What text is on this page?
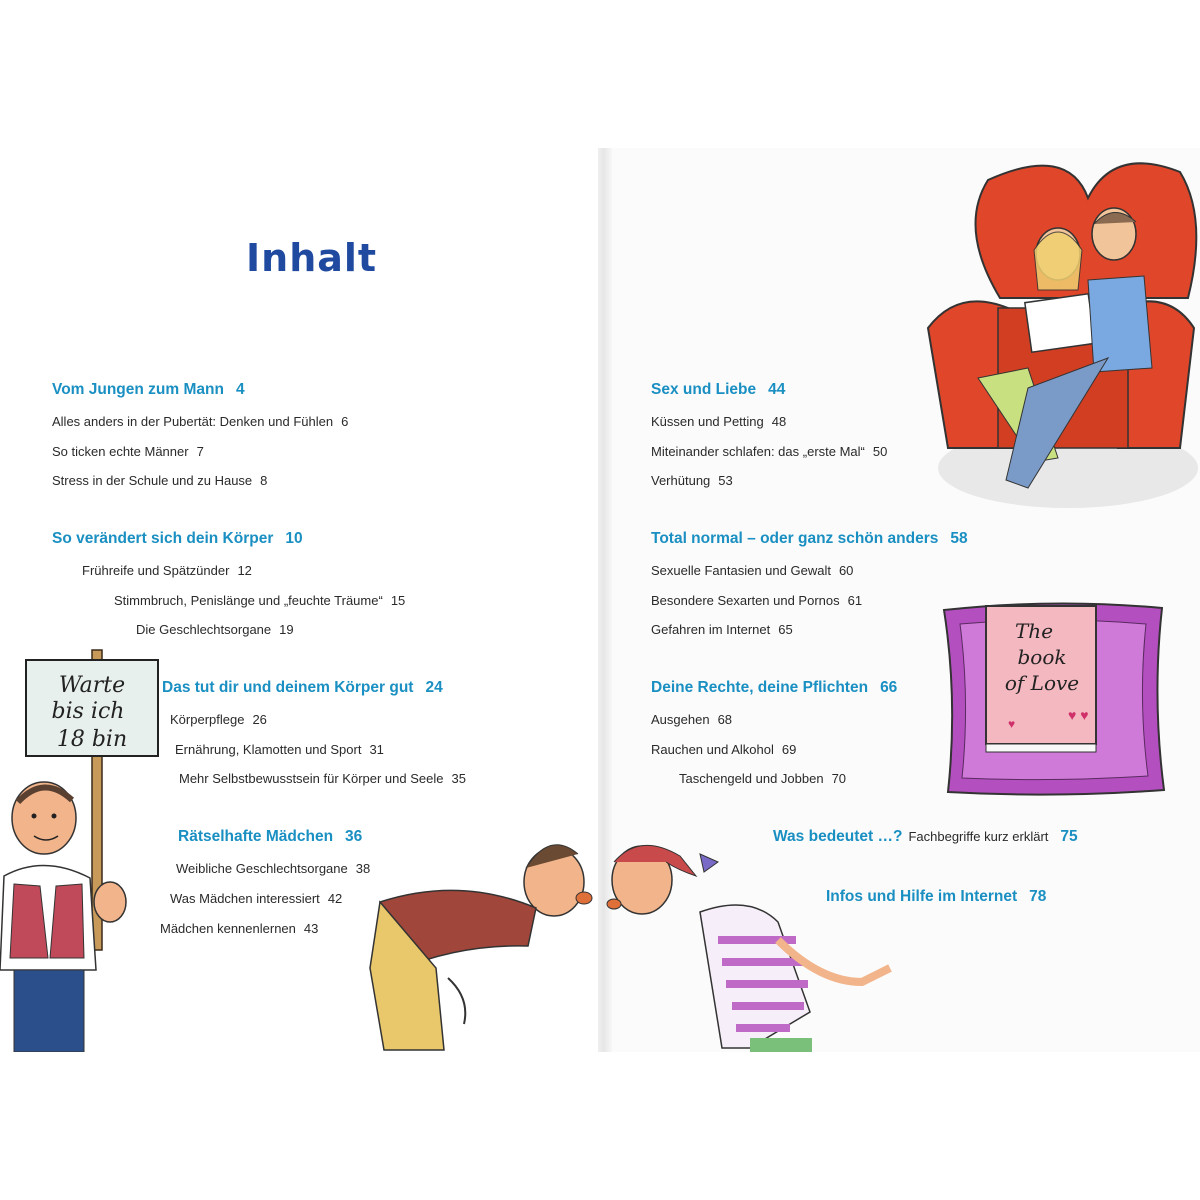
Inhalt
Vom Jungen zum Mann 4
Alles anders in der Pubertät: Denken und Fühlen 6
So ticken echte Männer 7
Stress in der Schule und zu Hause 8
So verändert sich dein Körper 10
Frühreife und Spätzünder 12
Stimmbruch, Penislänge und „feuchte Träume“ 15
Die Geschlechtsorgane 19
Das tut dir und deinem Körper gut 24
Körperpflege 26
Ernährung, Klamotten und Sport 31
Mehr Selbstbewusstsein für Körper und Seele 35
Rätselhafte Mädchen 36
Weibliche Geschlechtsorgane 38
Was Mädchen interessiert 42
Mädchen kennenlernen 43
Sex und Liebe 44
Küssen und Petting 48
Miteinander schlafen: das „erste Mal“ 50
Verhütung 53
Total normal – oder ganz schön anders 58
Sexuelle Fantasien und Gewalt 60
Besondere Sexarten und Pornos 61
Gefahren im Internet 65
Deine Rechte, deine Pflichten 66
Ausgehen 68
Rauchen und Alkohol 69
Taschengeld und Jobben 70
Was bedeutet …? Fachbegriffe kurz erklärt 75
Infos und Hilfe im Internet 78
Warte
bis ich
18 bin
The
book
of Love
♥ ♥
♥
